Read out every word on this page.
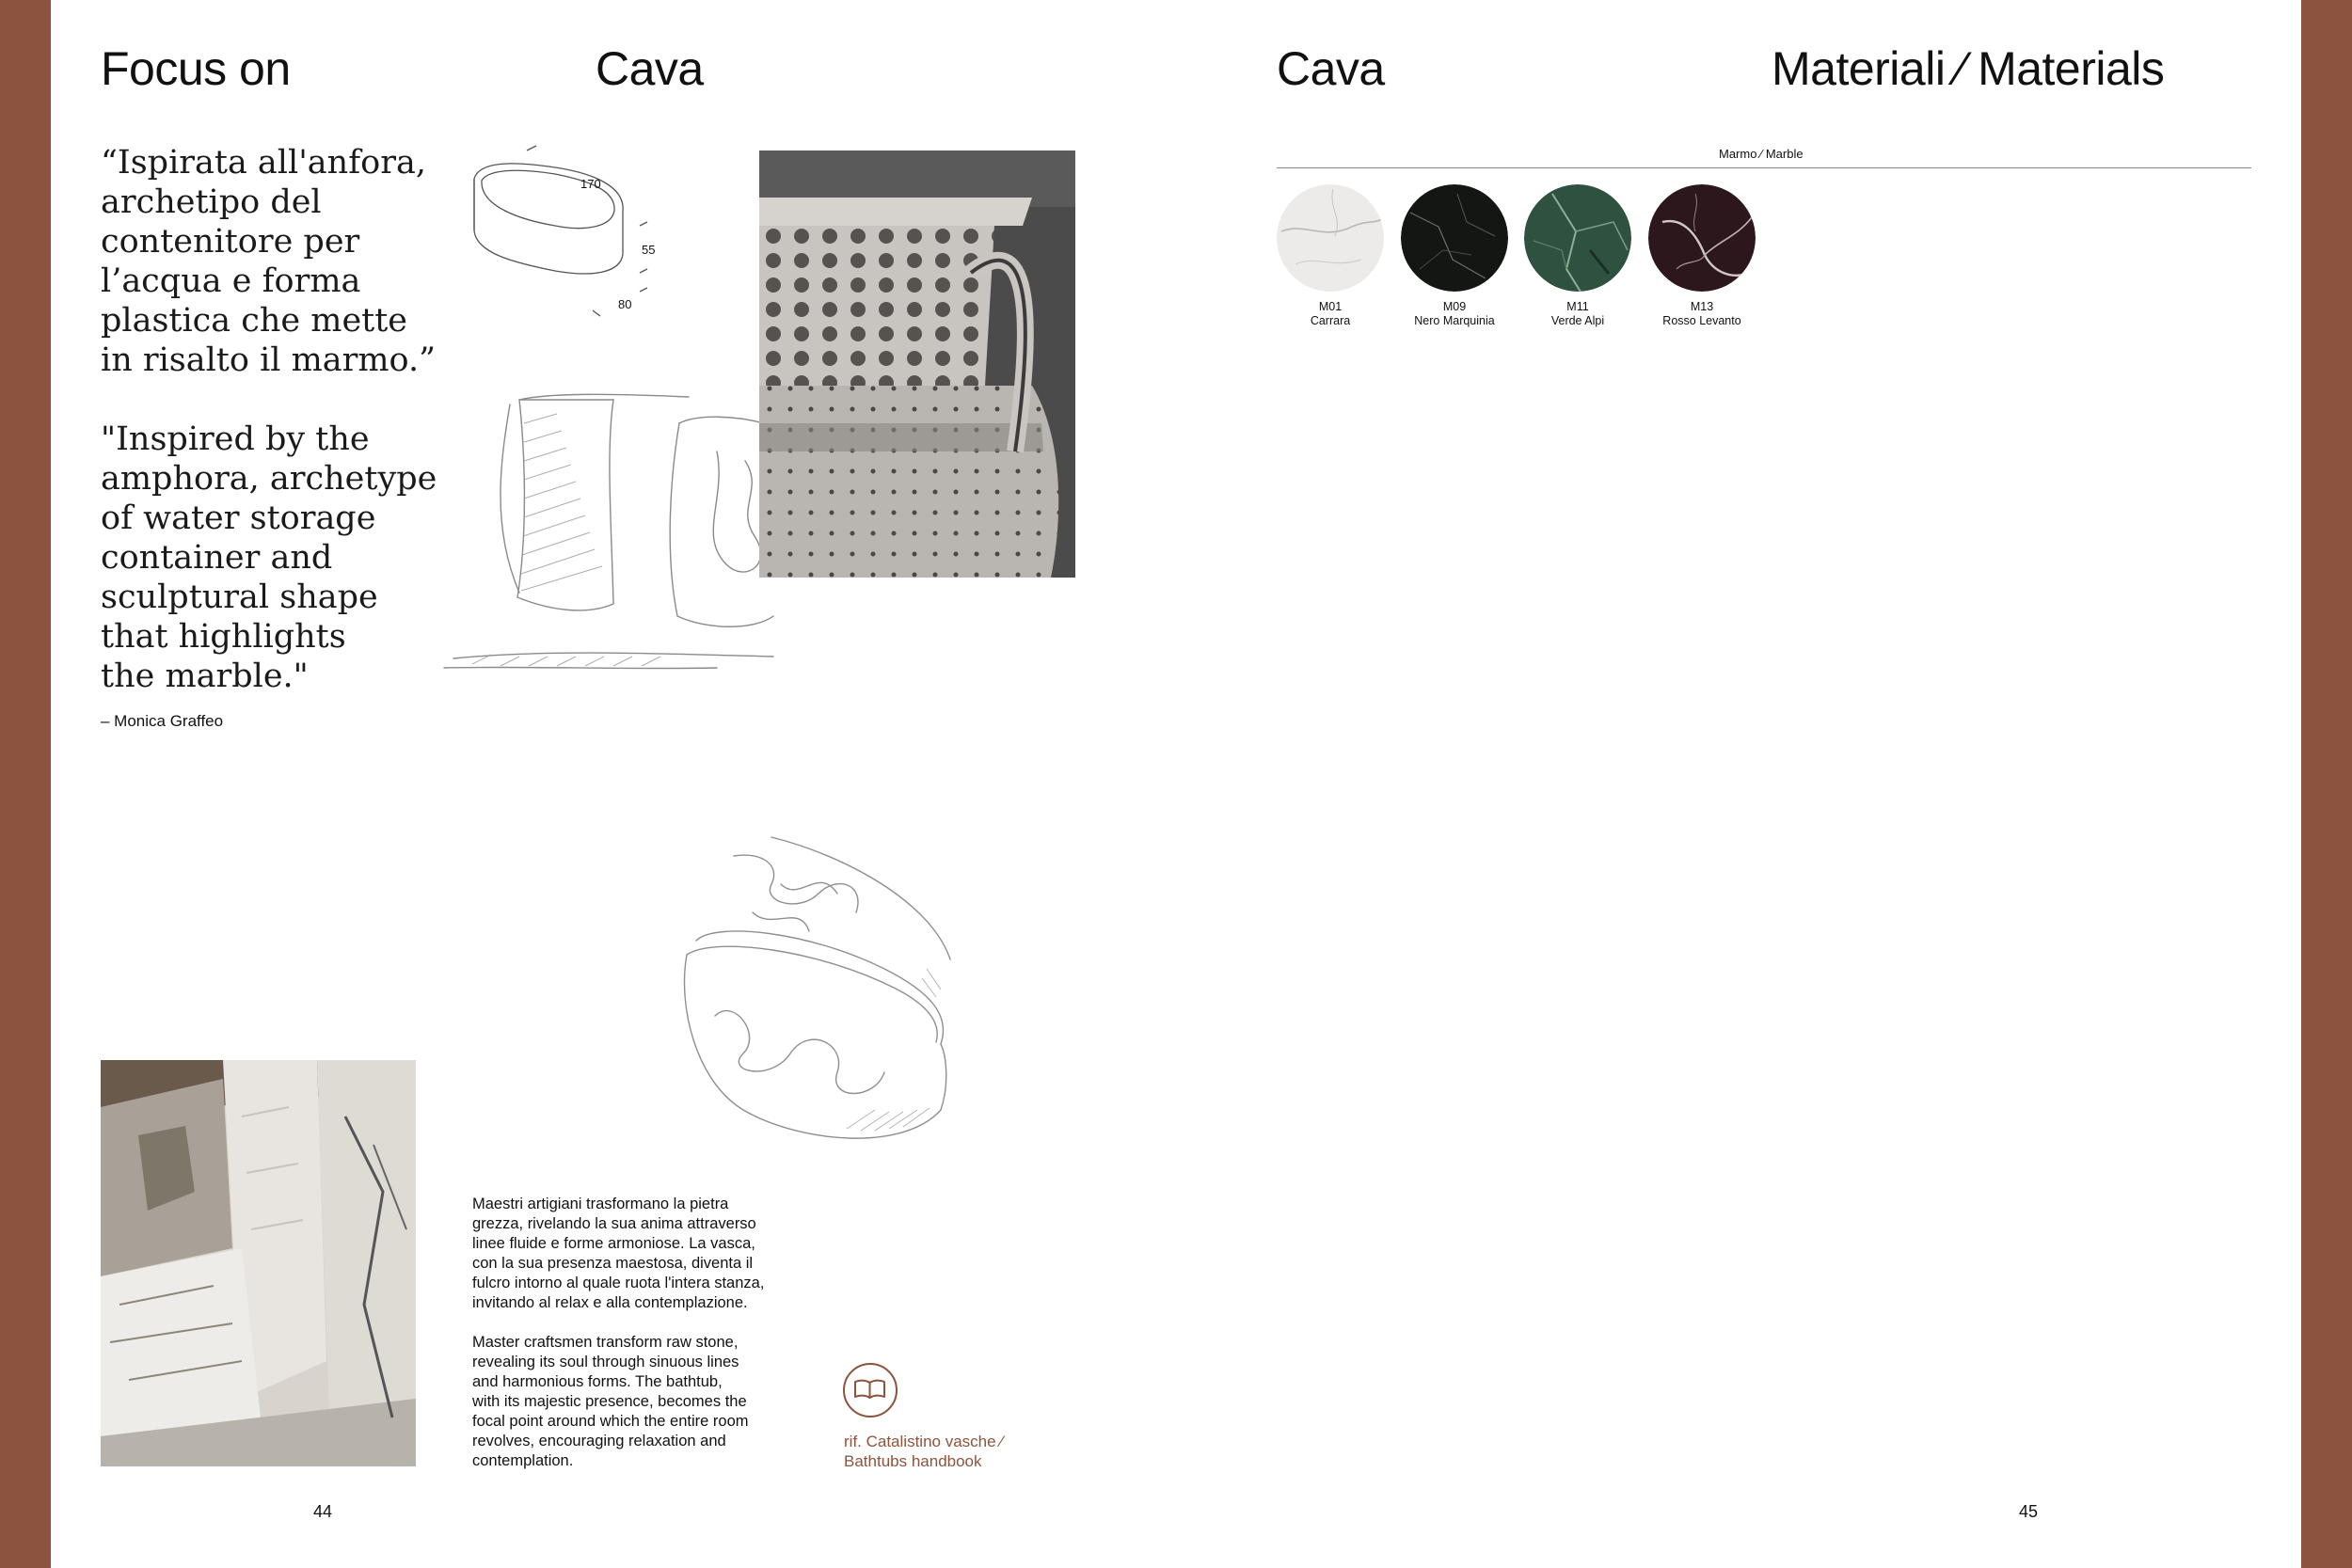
Focus on	Cava
“Ispirata all'anfora,
archetipo del
contenitore per
l’acqua e forma
plastica che mette
in risalto il marmo.”
"Inspired by the
amphora, archetype
of water storage
container and
sculptural shape
that highlights
the marble."
– Monica Graffeo
170
55
80
Maestri artigiani trasformano la pietra
grezza, rivelando la sua anima attraverso
linee fluide e forme armoniose. La vasca,
con la sua presenza maestosa, diventa il
fulcro intorno al quale ruota l'intera stanza,
invitando al relax e alla contemplazione.
Master craftsmen transform raw stone,
revealing its soul through sinuous lines
and harmonious forms. The bathtub,
with its majestic presence, becomes the
focal point around which the entire room
revolves, encouraging relaxation and
contemplation.
rif. Catalistino vasche ⁄
Bathtubs handbook
44
Cava	Materiali ⁄ Materials
Marmo ⁄ Marble
M01
Carrara
M09
Nero Marquinia
M11
Verde Alpi
M13
Rosso Levanto
45
